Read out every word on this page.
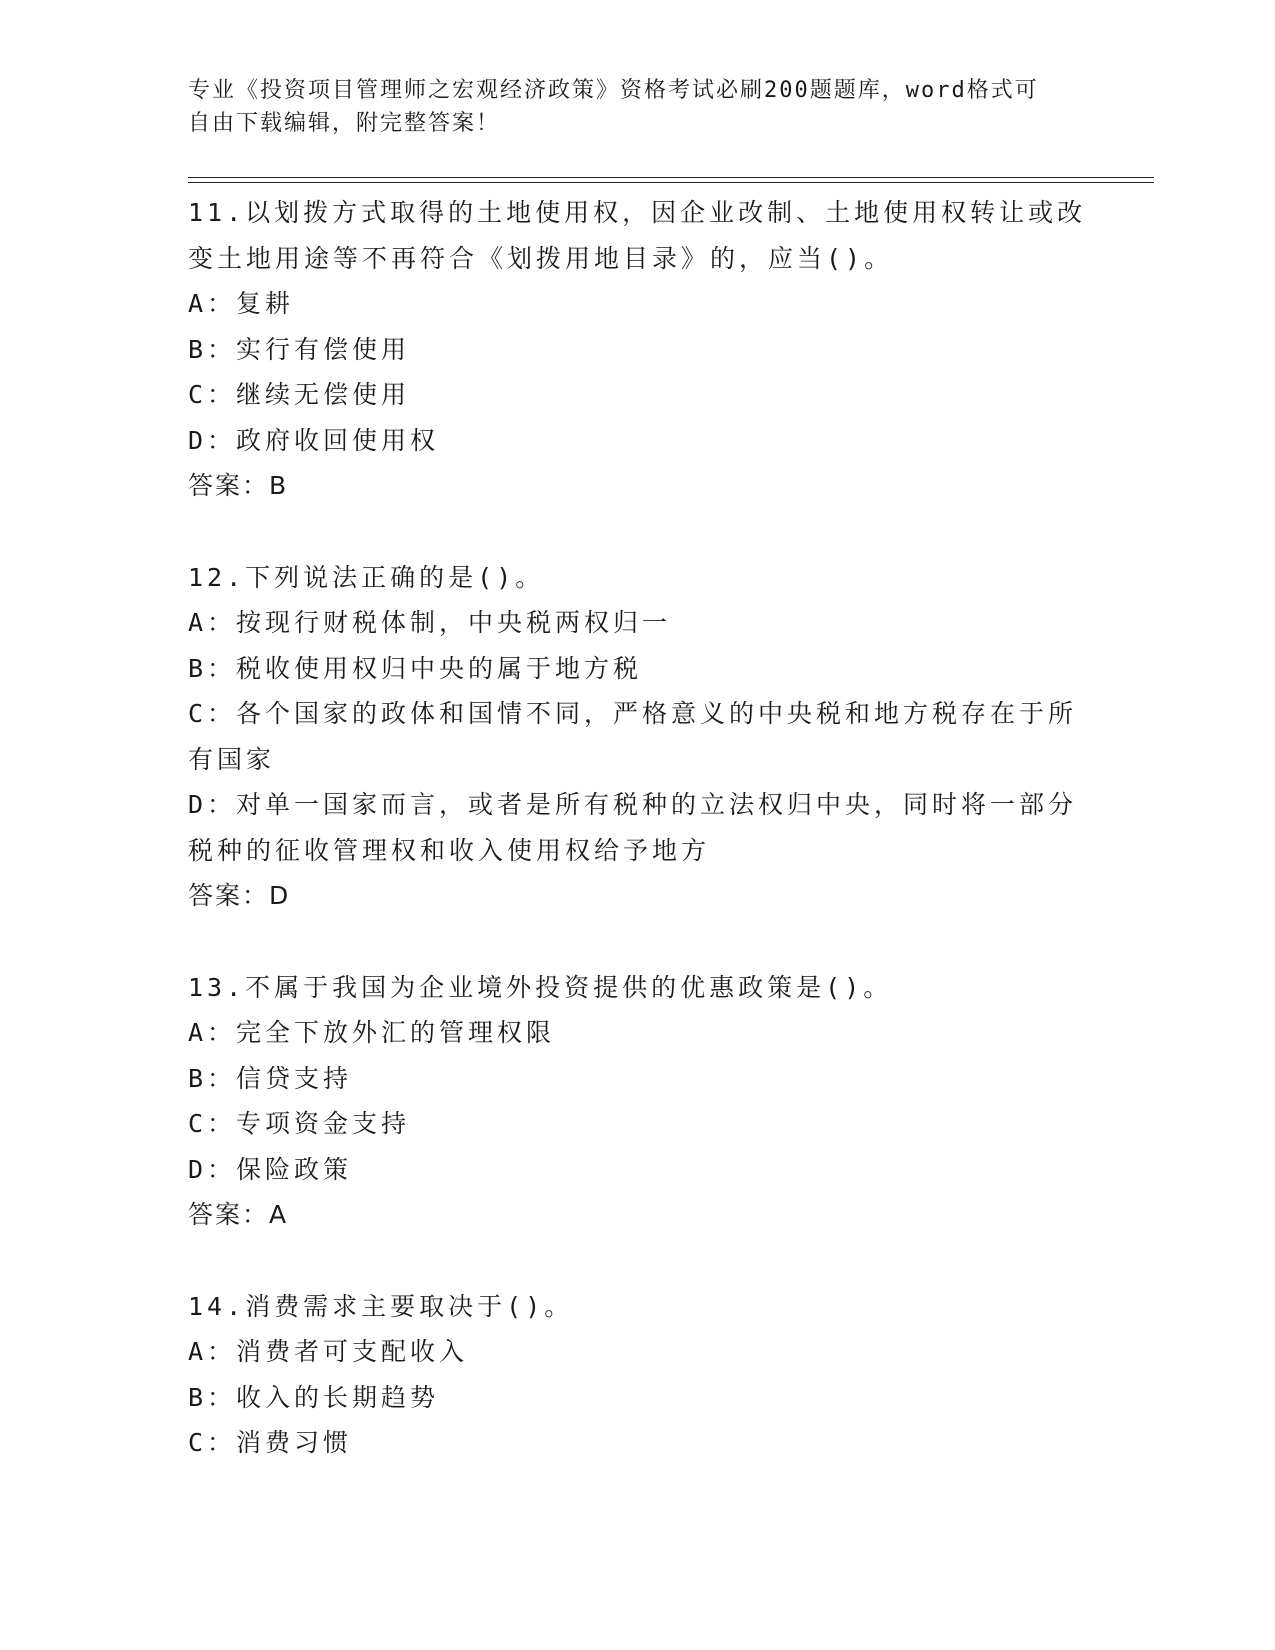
专业《投资项目管理师之宏观经济政策》资格考试必刷200题题库，word格式可
自由下载编辑，附完整答案！
11.以划拨方式取得的土地使用权，因企业改制、土地使用权转让或改
变土地用途等不再符合《划拨用地目录》的，应当()。
A：复耕
B：实行有偿使用
C：继续无偿使用
D：政府收回使用权
答案：B
12.下列说法正确的是()。
A：按现行财税体制，中央税两权归一
B：税收使用权归中央的属于地方税
C：各个国家的政体和国情不同，严格意义的中央税和地方税存在于所
有国家
D：对单一国家而言，或者是所有税种的立法权归中央，同时将一部分
税种的征收管理权和收入使用权给予地方
答案：D
13.不属于我国为企业境外投资提供的优惠政策是()。
A：完全下放外汇的管理权限
B：信贷支持
C：专项资金支持
D：保险政策
答案：A
14.消费需求主要取决于()。
A：消费者可支配收入
B：收入的长期趋势
C：消费习惯
